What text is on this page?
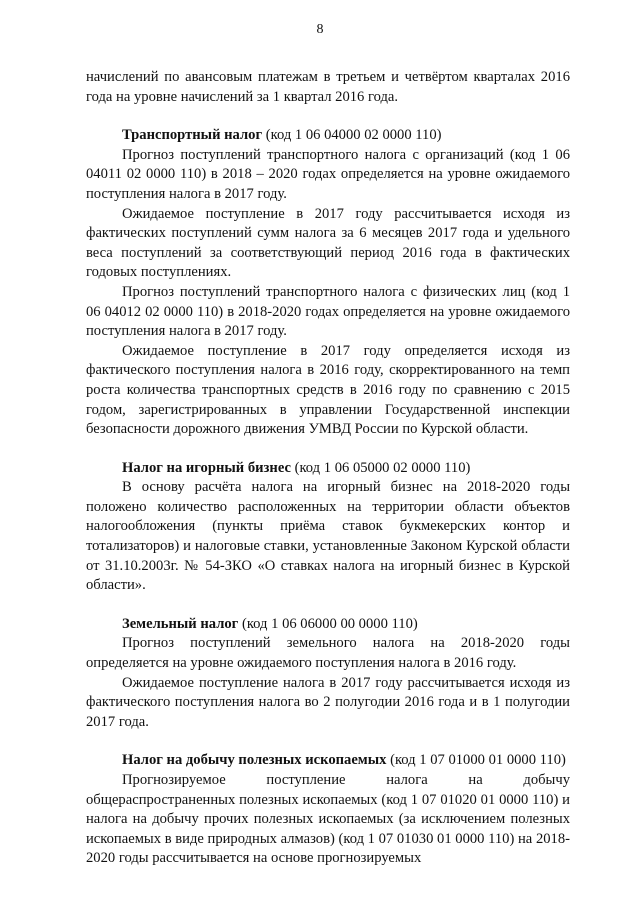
8

начислений по авансовым платежам в третьем и четвёртом кварталах 2016 года на уровне начислений за 1 квартал 2016 года.

Транспортный налог (код 1 06 04000 02 0000 110)

Прогноз поступлений транспортного налога с организаций (код 1 06 04011 02 0000 110) в 2018 – 2020 годах определяется на уровне ожидаемого поступления налога в 2017 году.

Ожидаемое поступление в 2017 году рассчитывается исходя из фактических поступлений сумм налога за 6 месяцев 2017 года и удельного веса поступлений за соответствующий период 2016 года в фактических годовых поступлениях.

Прогноз поступлений транспортного налога с физических лиц (код 1 06 04012 02 0000 110) в 2018-2020 годах определяется на уровне ожидаемого поступления налога в 2017 году.

Ожидаемое поступление в 2017 году определяется исходя из фактического поступления налога в 2016 году, скорректированного на темп роста количества транспортных средств в 2016 году по сравнению с 2015 годом, зарегистрированных в управлении Государственной инспекции безопасности дорожного движения УМВД России по Курской области.

Налог на игорный бизнес (код 1 06 05000 02 0000 110)

В основу расчёта налога на игорный бизнес на 2018-2020 годы положено количество расположенных на территории области объектов налогообложения (пункты приёма ставок букмекерских контор и тотализаторов) и налоговые ставки, установленные Законом Курской области от 31.10.2003г. № 54-ЗКО «О ставках налога на игорный бизнес в Курской области».

Земельный налог (код 1 06 06000 00 0000 110)

Прогноз поступлений земельного налога на 2018-2020 годы определяется на уровне ожидаемого поступления налога в 2016 году.

Ожидаемое поступление налога в 2017 году рассчитывается исходя из фактического поступления налога во 2 полугодии 2016 года и в 1 полугодии 2017 года.

Налог на добычу полезных ископаемых (код 1 07 01000 01 0000 110)

Прогнозируемое поступление налога на добычу общераспространенных полезных ископаемых (код 1 07 01020 01 0000 110) и налога на добычу прочих полезных ископаемых (за исключением полезных ископаемых в виде природных алмазов) (код 1 07 01030 01 0000 110) на 2018-2020 годы рассчитывается на основе прогнозируемых
